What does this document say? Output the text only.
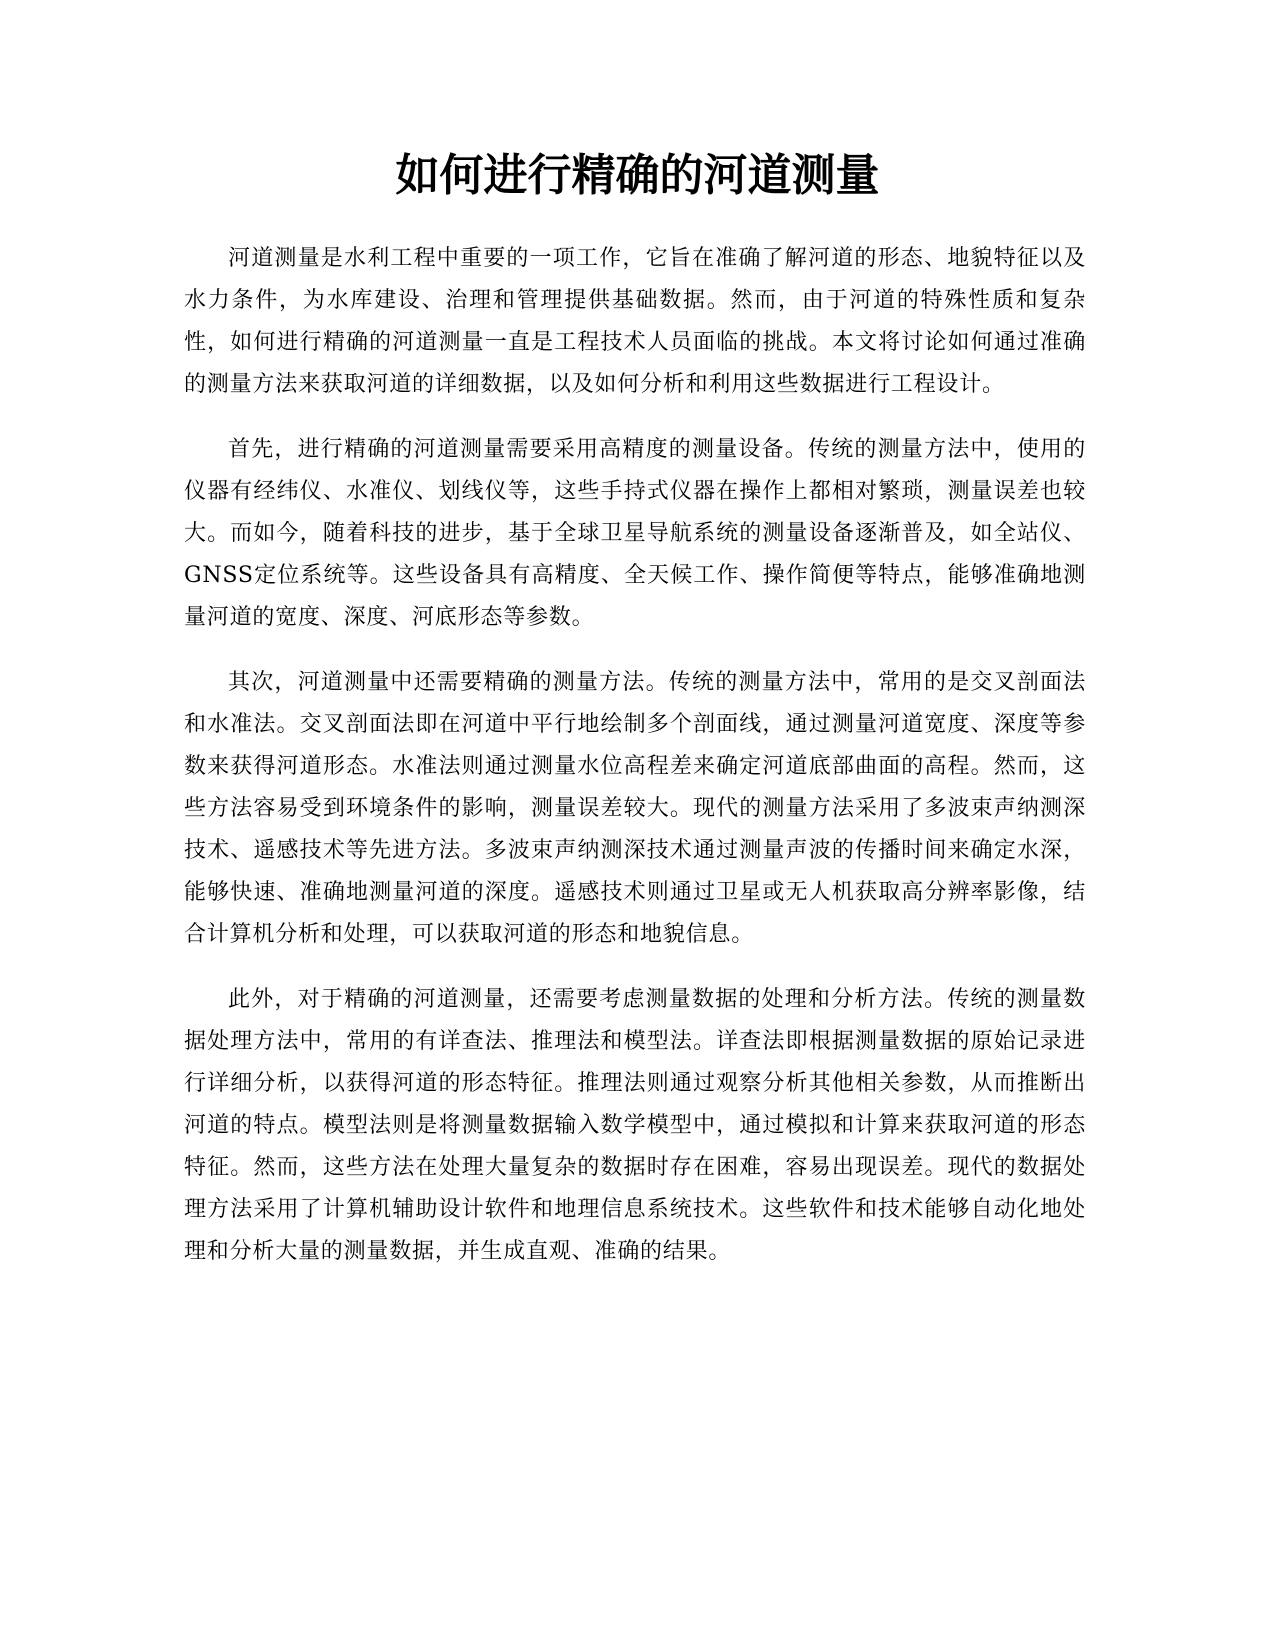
如何进行精确的河道测量

河道测量是水利工程中重要的一项工作，它旨在准确了解河道的形态、地貌特征以及水力条件，为水库建设、治理和管理提供基础数据。然而，由于河道的特殊性质和复杂性，如何进行精确的河道测量一直是工程技术人员面临的挑战。本文将讨论如何通过准确的测量方法来获取河道的详细数据，以及如何分析和利用这些数据进行工程设计。

首先，进行精确的河道测量需要采用高精度的测量设备。传统的测量方法中，使用的仪器有经纬仪、水准仪、划线仪等，这些手持式仪器在操作上都相对繁琐，测量误差也较大。而如今，随着科技的进步，基于全球卫星导航系统的测量设备逐渐普及，如全站仪、GNSS定位系统等。这些设备具有高精度、全天候工作、操作简便等特点，能够准确地测量河道的宽度、深度、河底形态等参数。

其次，河道测量中还需要精确的测量方法。传统的测量方法中，常用的是交叉剖面法和水准法。交叉剖面法即在河道中平行地绘制多个剖面线，通过测量河道宽度、深度等参数来获得河道形态。水准法则通过测量水位高程差来确定河道底部曲面的高程。然而，这些方法容易受到环境条件的影响，测量误差较大。现代的测量方法采用了多波束声纳测深技术、遥感技术等先进方法。多波束声纳测深技术通过测量声波的传播时间来确定水深，能够快速、准确地测量河道的深度。遥感技术则通过卫星或无人机获取高分辨率影像，结合计算机分析和处理，可以获取河道的形态和地貌信息。

此外，对于精确的河道测量，还需要考虑测量数据的处理和分析方法。传统的测量数据处理方法中，常用的有详查法、推理法和模型法。详查法即根据测量数据的原始记录进行详细分析，以获得河道的形态特征。推理法则通过观察分析其他相关参数，从而推断出河道的特点。模型法则是将测量数据输入数学模型中，通过模拟和计算来获取河道的形态特征。然而，这些方法在处理大量复杂的数据时存在困难，容易出现误差。现代的数据处理方法采用了计算机辅助设计软件和地理信息系统技术。这些软件和技术能够自动化地处理和分析大量的测量数据，并生成直观、准确的结果。
